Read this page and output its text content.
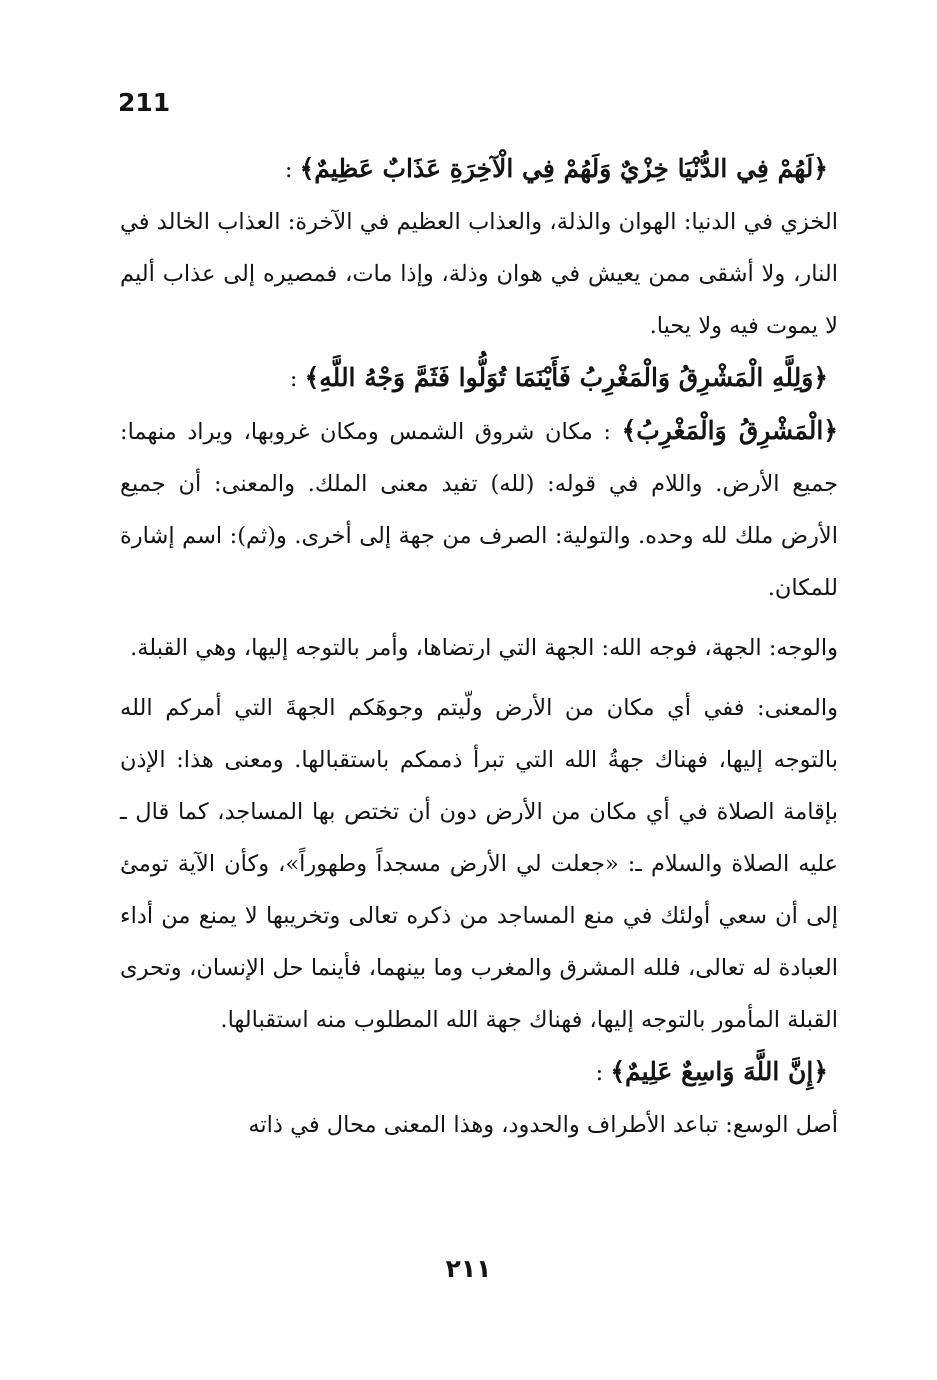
211

﴿لَهُمْ فِي الدُّنْيَا خِزْيٌ وَلَهُمْ فِي الْآخِرَةِ عَذَابٌ عَظِيمٌ﴾ :

الخزي في الدنيا: الهوان والذلة، والعذاب العظيم في الآخرة: العذاب الخالد في النار، ولا أشقى ممن يعيش في هوان وذلة، وإذا مات، فمصيره إلى عذاب أليم لا يموت فيه ولا يحيا.

﴿وَلِلَّهِ الْمَشْرِقُ وَالْمَغْرِبُ فَأَيْنَمَا تُوَلُّوا فَثَمَّ وَجْهُ اللَّهِ﴾ :

﴿الْمَشْرِقُ وَالْمَغْرِبُ﴾ : مكان شروق الشمس ومكان غروبها، ويراد منهما: جميع الأرض. واللام في قوله: (لله) تفيد معنى الملك. والمعنى: أن جميع الأرض ملك لله وحده. والتولية: الصرف من جهة إلى أخرى. و(ثم): اسم إشارة للمكان.

والوجه: الجهة، فوجه الله: الجهة التي ارتضاها، وأمر بالتوجه إليها، وهي القبلة.

والمعنى: ففي أي مكان من الأرض ولّيتم وجوهَكم الجهةَ التي أمركم الله بالتوجه إليها، فهناك جهةُ الله التي تبرأ ذممكم باستقبالها. ومعنى هذا: الإذن بإقامة الصلاة في أي مكان من الأرض دون أن تختص بها المساجد، كما قال ـ عليه الصلاة والسلام ـ: «جعلت لي الأرض مسجداً وطهوراً»، وكأن الآية تومئ إلى أن سعي أولئك في منع المساجد من ذكره تعالى وتخريبها لا يمنع من أداء العبادة له تعالى، فلله المشرق والمغرب وما بينهما، فأينما حل الإنسان، وتحرى القبلة المأمور بالتوجه إليها، فهناك جهة الله المطلوب منه استقبالها.

﴿إِنَّ اللَّهَ وَاسِعٌ عَلِيمٌ﴾ :

أصل الوسع: تباعد الأطراف والحدود، وهذا المعنى محال في ذاته

٢١١
